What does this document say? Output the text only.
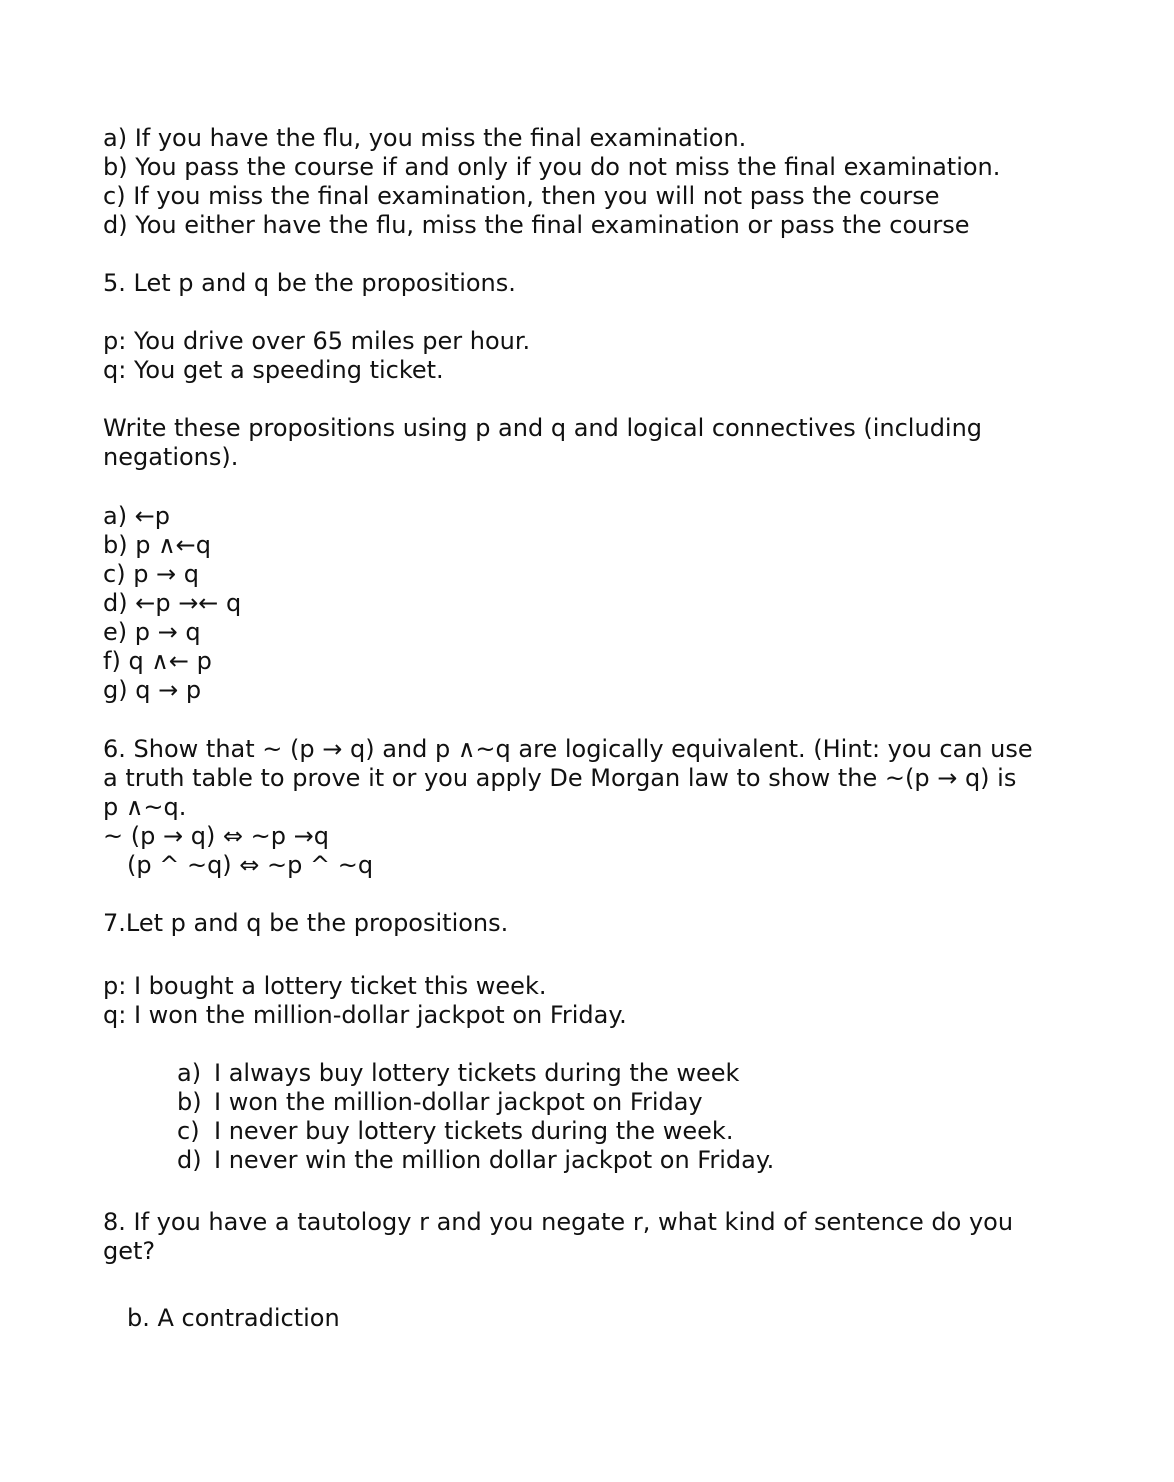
a) If you have the flu, you miss the final examination.
b) You pass the course if and only if you do not miss the final examination.
c) If you miss the final examination, then you will not pass the course
d) You either have the flu, miss the final examination or pass the course
5. Let p and q be the propositions.
p: You drive over 65 miles per hour.
q: You get a speeding ticket.
Write these propositions using p and q and logical connectives (including
negations).
a) ←p
b) p ∧←q
c) p → q
d) ←p →← q
e) p → q
f) q ∧← p
g) q → p
6. Show that ~ (p → q) and p ∧~q are logically equivalent. (Hint: you can use
a truth table to prove it or you apply De Morgan law to show the ~(p → q) is
p ∧~q.
~ (p → q) ⇔ ~p →q
(p ^ ~q) ⇔ ~p ^ ~q
7.Let p and q be the propositions.
p: I bought a lottery ticket this week.
q: I won the million-dollar jackpot on Friday.
a) I always buy lottery tickets during the week
b) I won the million-dollar jackpot on Friday
c) I never buy lottery tickets during the week.
d) I never win the million dollar jackpot on Friday.
8. If you have a tautology r and you negate r, what kind of sentence do you
get?
b. A contradiction
